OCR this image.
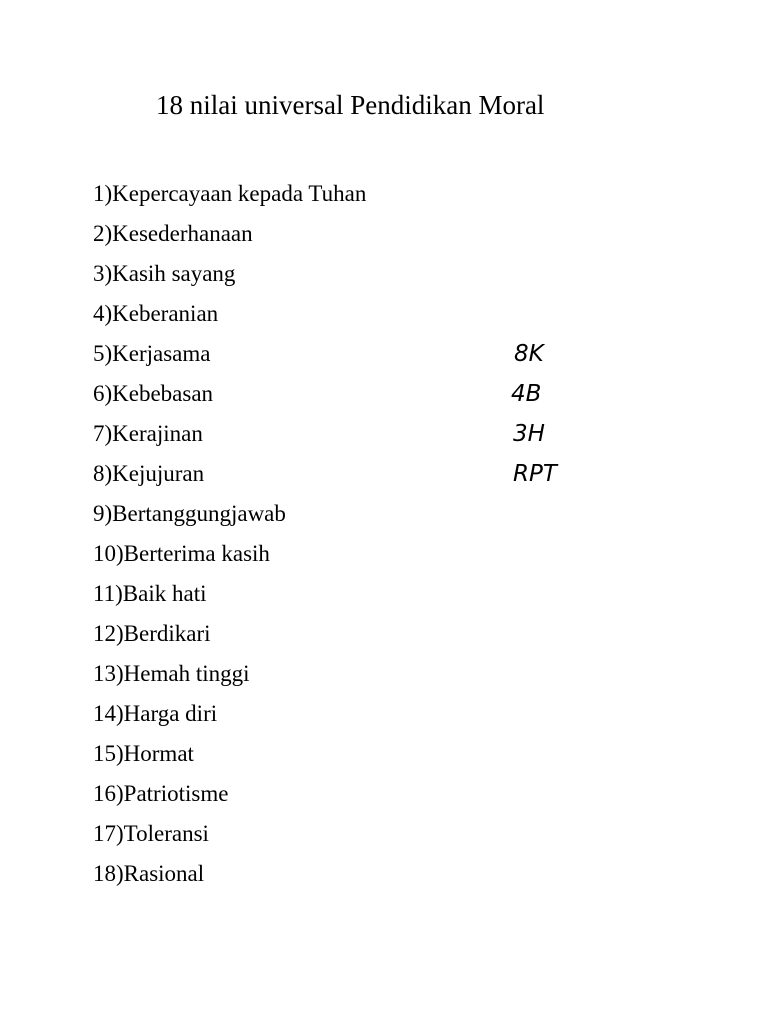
18 nilai universal Pendidikan Moral
1)Kepercayaan kepada Tuhan
2)Kesederhanaan
3)Kasih sayang
4)Keberanian
5)Kerjasama
6)Kebebasan
7)Kerajinan
8)Kejujuran
9)Bertanggungjawab
10)Berterima kasih
11)Baik hati
12)Berdikari
13)Hemah tinggi
14)Harga diri
15)Hormat
16)Patriotisme
17)Toleransi
18)Rasional
8K
4B
3H
RPT
